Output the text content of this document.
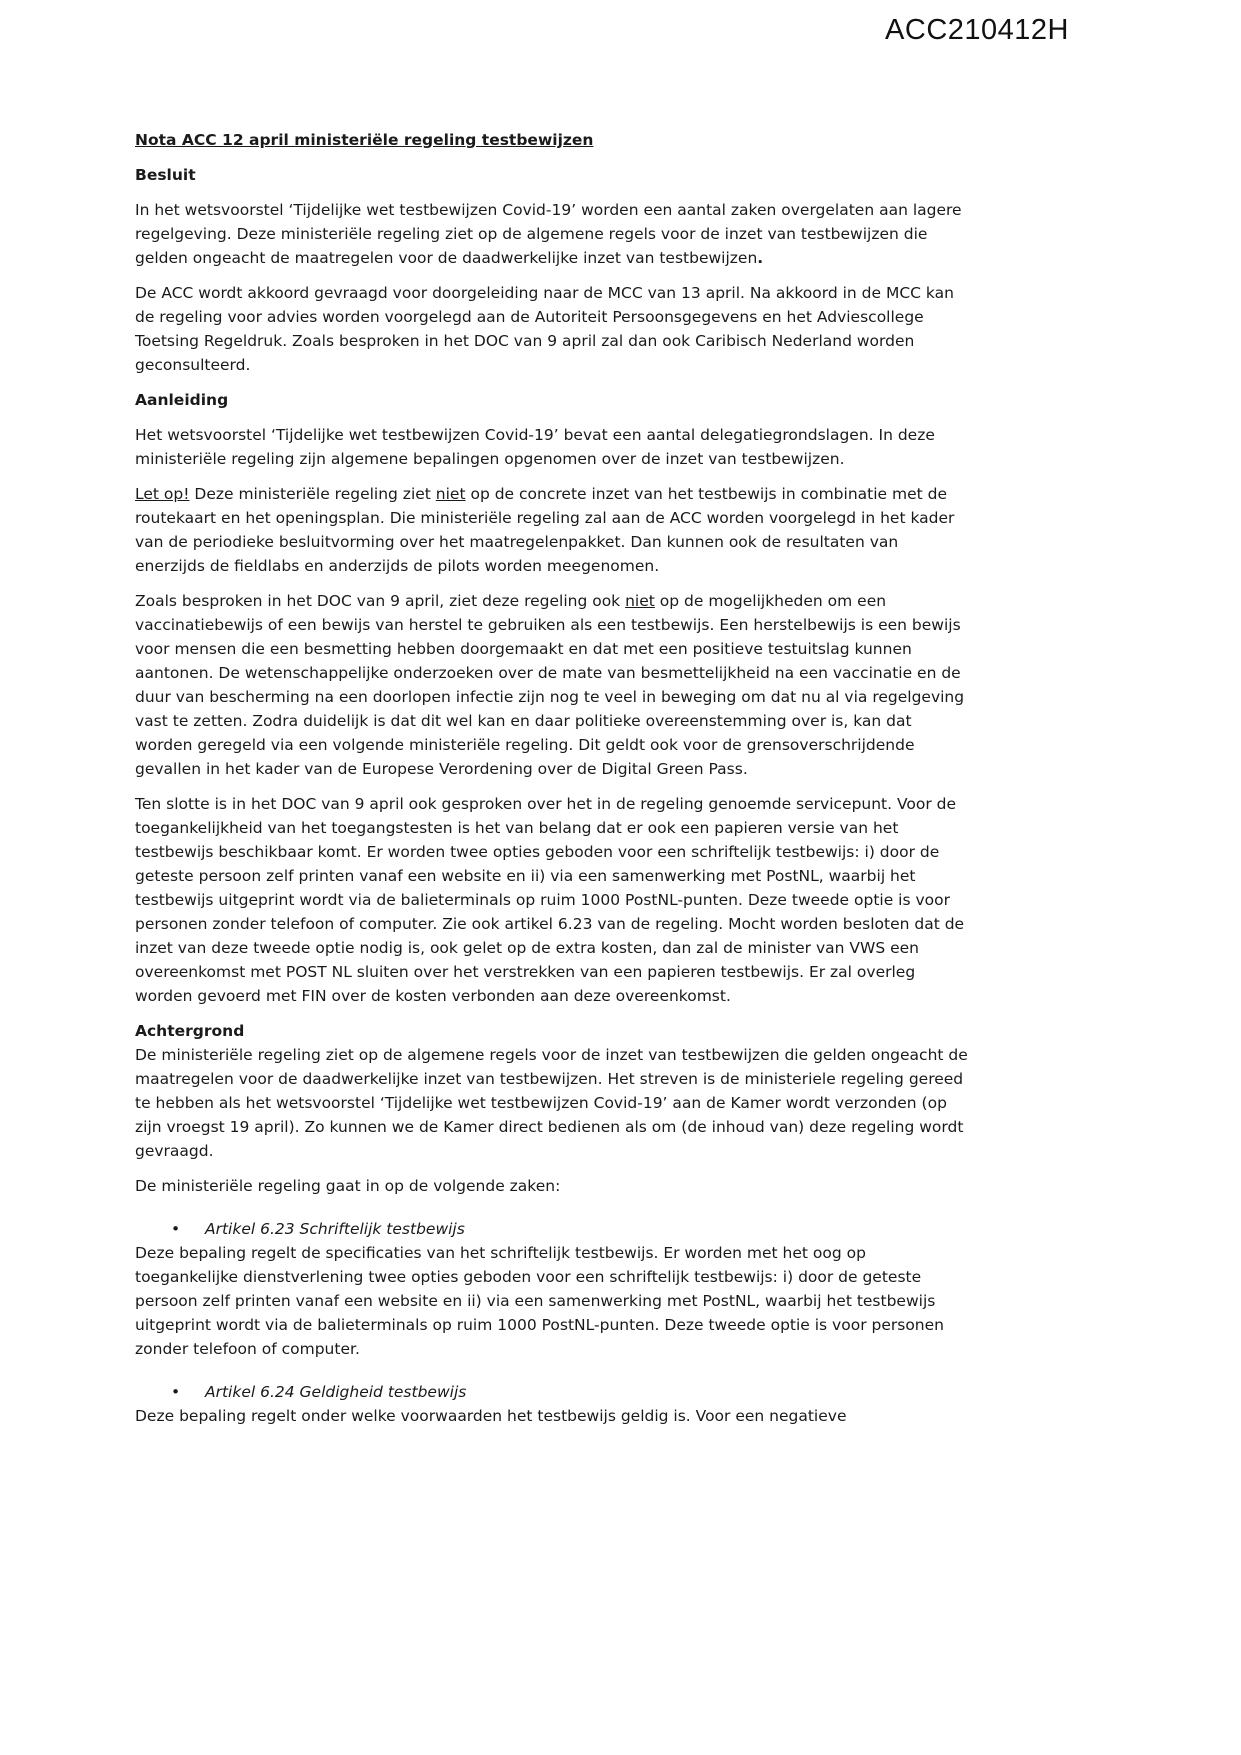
ACC210412H
Nota ACC 12 april ministeriële regeling testbewijzen
Besluit
In het wetsvoorstel ‘Tijdelijke wet testbewijzen Covid-19’ worden een aantal zaken overgelaten aan lagere regelgeving. Deze ministeriële regeling ziet op de algemene regels voor de inzet van testbewijzen die gelden ongeacht de maatregelen voor de daadwerkelijke inzet van testbewijzen.
De ACC wordt akkoord gevraagd voor doorgeleiding naar de MCC van 13 april. Na akkoord in de MCC kan de regeling voor advies worden voorgelegd aan de Autoriteit Persoonsgegevens en het Adviescollege Toetsing Regeldruk. Zoals besproken in het DOC van 9 april zal dan ook Caribisch Nederland worden geconsulteerd.
Aanleiding
Het wetsvoorstel ‘Tijdelijke wet testbewijzen Covid-19’ bevat een aantal delegatiegrondslagen. In deze ministeriële regeling zijn algemene bepalingen opgenomen over de inzet van testbewijzen.
Let op! Deze ministeriële regeling ziet niet op de concrete inzet van het testbewijs in combinatie met de routekaart en het openingsplan. Die ministeriële regeling zal aan de ACC worden voorgelegd in het kader van de periodieke besluitvorming over het maatregelenpakket. Dan kunnen ook de resultaten van enerzijds de fieldlabs en anderzijds de pilots worden meegenomen.
Zoals besproken in het DOC van 9 april, ziet deze regeling ook niet op de mogelijkheden om een vaccinatiebewijs of een bewijs van herstel te gebruiken als een testbewijs. Een herstelbewijs is een bewijs voor mensen die een besmetting hebben doorgemaakt en dat met een positieve testuitslag kunnen aantonen. De wetenschappelijke onderzoeken over de mate van besmettelijkheid na een vaccinatie en de duur van bescherming na een doorlopen infectie zijn nog te veel in beweging om dat nu al via regelgeving vast te zetten. Zodra duidelijk is dat dit wel kan en daar politieke overeenstemming over is, kan dat worden geregeld via een volgende ministeriële regeling. Dit geldt ook voor de grensoverschrijdende gevallen in het kader van de Europese Verordening over de Digital Green Pass.
Ten slotte is in het DOC van 9 april ook gesproken over het in de regeling genoemde servicepunt. Voor de toegankelijkheid van het toegangstesten is het van belang dat er ook een papieren versie van het testbewijs beschikbaar komt. Er worden twee opties geboden voor een schriftelijk testbewijs: i) door de geteste persoon zelf printen vanaf een website en ii) via een samenwerking met PostNL, waarbij het testbewijs uitgeprint wordt via de balieterminals op ruim 1000 PostNL-punten. Deze tweede optie is voor personen zonder telefoon of computer. Zie ook artikel 6.23 van de regeling. Mocht worden besloten dat de inzet van deze tweede optie nodig is, ook gelet op de extra kosten, dan zal de minister van VWS een overeenkomst met POST NL sluiten over het verstrekken van een papieren testbewijs. Er zal overleg worden gevoerd met FIN over de kosten verbonden aan deze overeenkomst.
Achtergrond
De ministeriële regeling ziet op de algemene regels voor de inzet van testbewijzen die gelden ongeacht de maatregelen voor de daadwerkelijke inzet van testbewijzen. Het streven is de ministeriele regeling gereed te hebben als het wetsvoorstel ‘Tijdelijke wet testbewijzen Covid-19’ aan de Kamer wordt verzonden (op zijn vroegst 19 april). Zo kunnen we de Kamer direct bedienen als om (de inhoud van) deze regeling wordt gevraagd.
De ministeriële regeling gaat in op de volgende zaken:
• Artikel 6.23 Schriftelijk testbewijs
Deze bepaling regelt de specificaties van het schriftelijk testbewijs. Er worden met het oog op toegankelijke dienstverlening twee opties geboden voor een schriftelijk testbewijs: i) door de geteste persoon zelf printen vanaf een website en ii) via een samenwerking met PostNL, waarbij het testbewijs uitgeprint wordt via de balieterminals op ruim 1000 PostNL-punten. Deze tweede optie is voor personen zonder telefoon of computer.
• Artikel 6.24 Geldigheid testbewijs
Deze bepaling regelt onder welke voorwaarden het testbewijs geldig is. Voor een negatieve
